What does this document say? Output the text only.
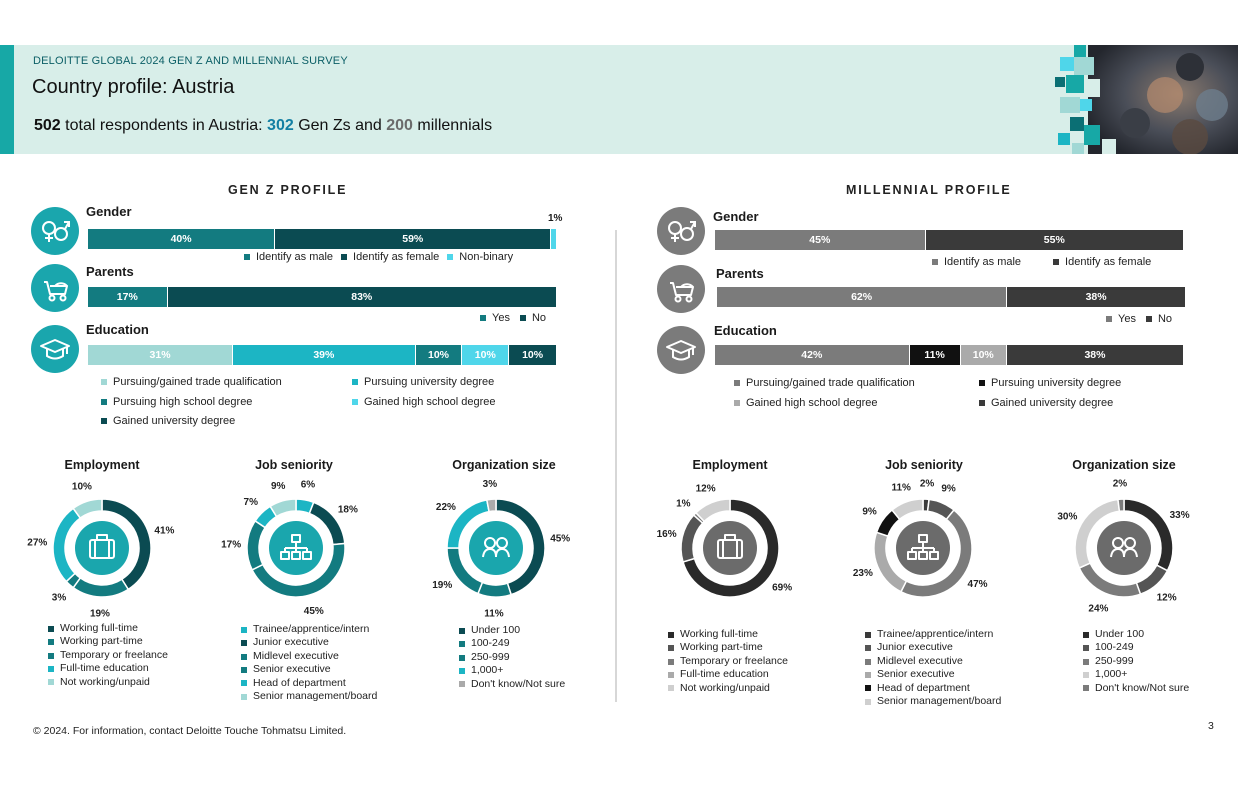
DELOITTE GLOBAL 2024 GEN Z AND MILLENNIAL SURVEY
Country profile: Austria
502 total respondents in Austria: 302 Gen Zs and 200 millennials
GEN Z PROFILE
Gender	1%
40%	59%
Identify as male Identify as female Non-binary
Parents
17%	83%
Yes No
Education
31%	39%	10% 10%	10%
Pursuing/gained trade qualification	Pursuing university degree
Pursuing high school degree	Gained high school degree
Gained university degree
Employment	Job seniority	Organization size
41%
19%
3%
27%
10%	6%
18%
45%
17%
7%
9%
45%
11%
19%
22%
3%
Working full-time
Working part-time
Temporary or freelance
Full-time education
Not working/unpaid
Trainee/apprentice/intern
Junior executive
Midlevel executive
Senior executive
Head of department
Senior management/board
Under 100
100-249
250-999
1,000+
Don't know/Not sure
MILLENNIAL PROFILE
Gender
45%	55%
Identify as male	Identify as female
Parents
62%	38%
Yes No
Education
42%	11%	10%	38%
Pursuing/gained trade qualification	Pursuing university degree
Gained high school degree	Gained university degree
Employment	Job seniority	Organization size
69%
16%
1%
12%	2% 9%
47%
23%
9%
11%
33%
12%
24%
30%
2%
Working full-time
Working part-time
Temporary or freelance
Full-time education
Not working/unpaid
Trainee/apprentice/intern
Junior executive
Midlevel executive
Senior executive
Head of department
Senior management/board
Under 100
100-249
250-999
1,000+
Don't know/Not sure
© 2024. For information, contact Deloitte Touche Tohmatsu Limited.	3
